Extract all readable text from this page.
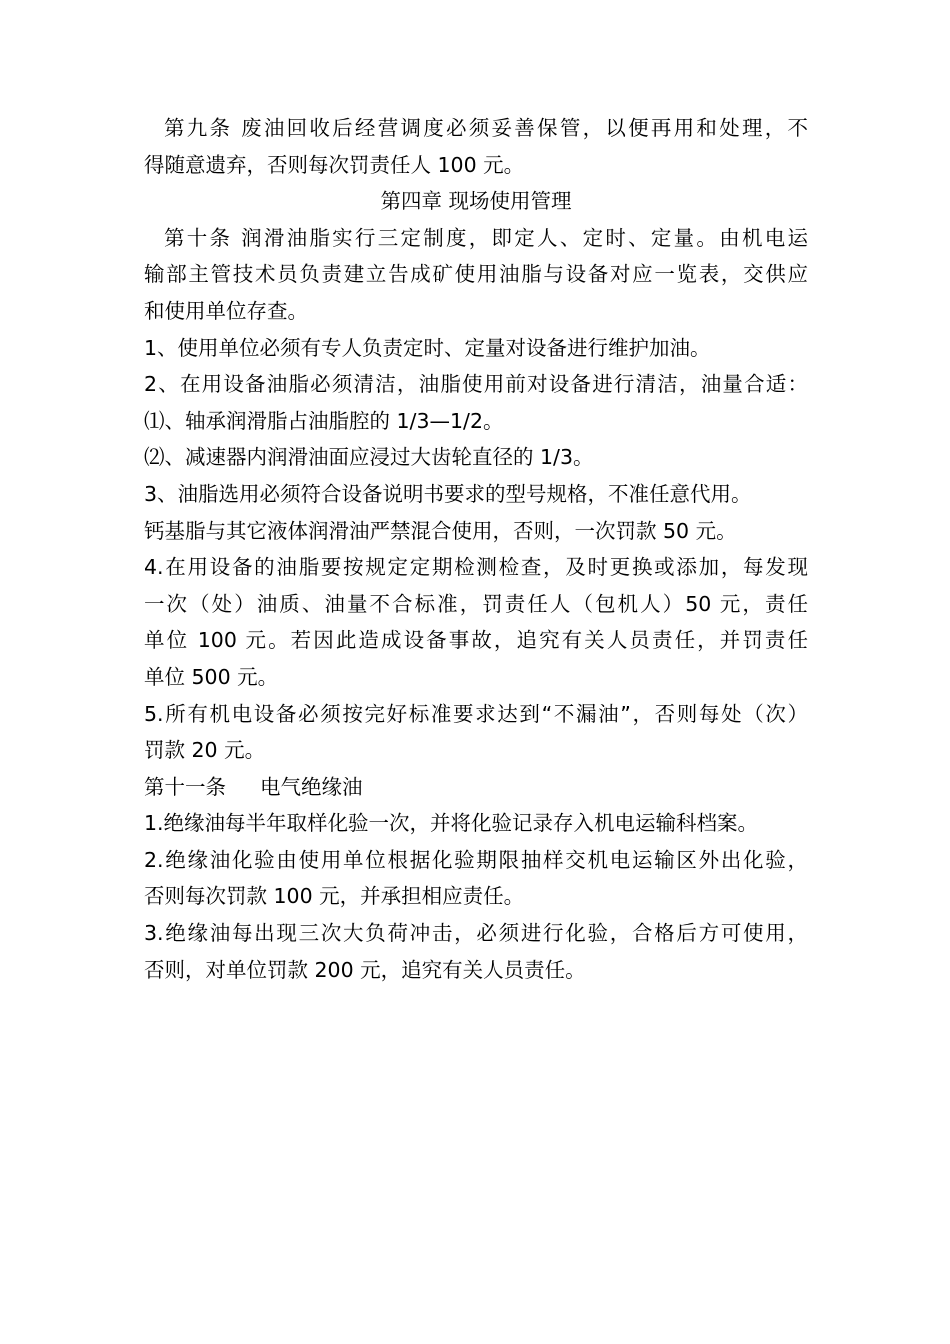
第九条 废油回收后经营调度必须妥善保管，以便再用和处理，不
得随意遗弃，否则每次罚责任人 100 元。
第四章 现场使用管理
第十条 润滑油脂实行三定制度，即定人、定时、定量。由机电运
输部主管技术员负责建立告成矿使用油脂与设备对应一览表，交供应
和使用单位存查。
1、使用单位必须有专人负责定时、定量对设备进行维护加油。
2、在用设备油脂必须清洁，油脂使用前对设备进行清洁，油量合适：
⑴、轴承润滑脂占油脂腔的 1/3—1/2。
⑵、减速器内润滑油面应浸过大齿轮直径的 1/3。
3、油脂选用必须符合设备说明书要求的型号规格，不准任意代用。
钙基脂与其它液体润滑油严禁混合使用，否则，一次罚款 50 元。
4.在用设备的油脂要按规定定期检测检查，及时更换或添加，每发现
一次（处）油质、油量不合标准，罚责任人（包机人）50 元，责任
单位 100 元。若因此造成设备事故，追究有关人员责任，并罚责任
单位 500 元。
5.所有机电设备必须按完好标准要求达到“不漏油”，否则每处（次）
罚款 20 元。
第十一条 电气绝缘油
1.绝缘油每半年取样化验一次，并将化验记录存入机电运输科档案。
2.绝缘油化验由使用单位根据化验期限抽样交机电运输区外出化验，
否则每次罚款 100 元，并承担相应责任。
3.绝缘油每出现三次大负荷冲击，必须进行化验，合格后方可使用，
否则，对单位罚款 200 元，追究有关人员责任。
